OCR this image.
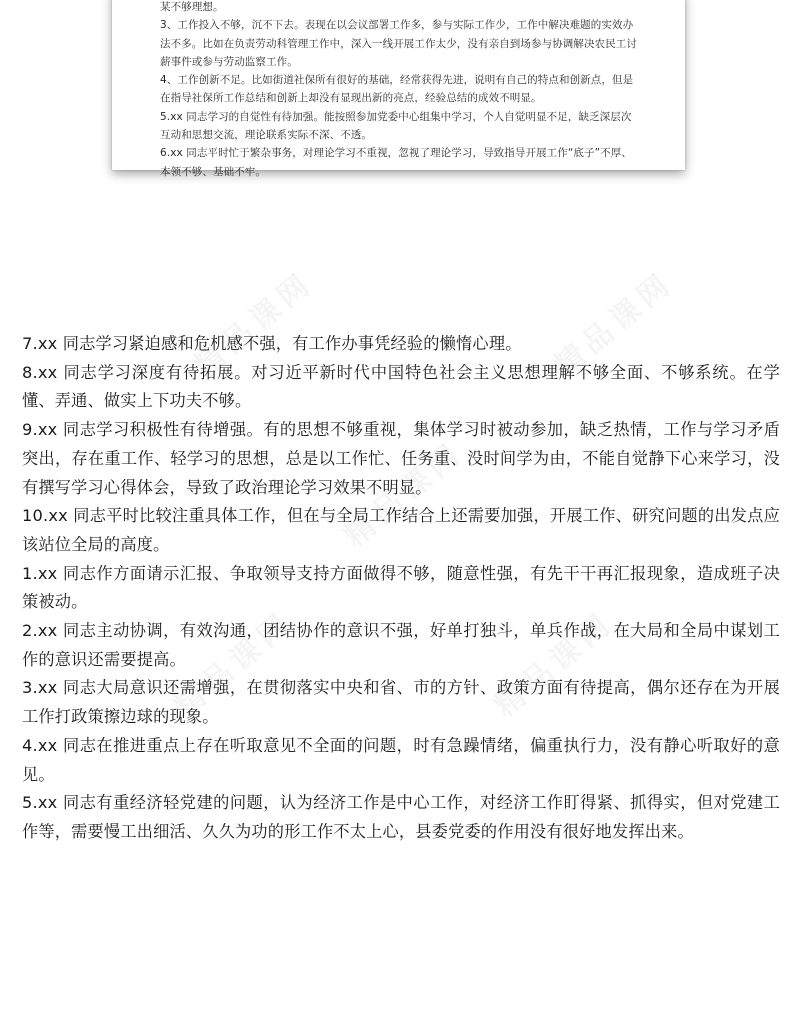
某不够理想。

3、工作投入不够，沉不下去。表现在以会议部署工作多，参与实际工作少，工作中解决难题的实效办法不多。比如在负责劳动科管理工作中，深入一线开展工作太少，没有亲自到场参与协调解决农民工讨薪事件或参与劳动监察工作。

4、工作创新不足。比如街道社保所有很好的基础，经常获得先进，说明有自己的特点和创新点，但是在指导社保所工作总结和创新上却没有显现出新的亮点，经验总结的成效不明显。

5.xx 同志学习的自觉性有待加强。能按照参加党委中心组集中学习，个人自觉明显不足，缺乏深层次互动和思想交流，理论联系实际不深、不透。

6.xx 同志平时忙于繁杂事务，对理论学习不重视，忽视了理论学习，导致指导开展工作“底子”不厚、本领不够、基础不牢。

7.xx 同志学习紧迫感和危机感不强，有工作办事凭经验的懒惰心理。

8.xx 同志学习深度有待拓展。对习近平新时代中国特色社会主义思想理解不够全面、不够系统。在学懂、弄通、做实上下功夫不够。

9.xx 同志学习积极性有待增强。有的思想不够重视，集体学习时被动参加，缺乏热情，工作与学习矛盾突出，存在重工作、轻学习的思想，总是以工作忙、任务重、没时间学为由，不能自觉静下心来学习，没有撰写学习心得体会，导致了政治理论学习效果不明显。

10.xx 同志平时比较注重具体工作，但在与全局工作结合上还需要加强，开展工作、研究问题的出发点应该站位全局的高度。

1.xx 同志作方面请示汇报、争取领导支持方面做得不够，随意性强，有先干干再汇报现象，造成班子决策被动。

2.xx 同志主动协调，有效沟通，团结协作的意识不强，好单打独斗，单兵作战，在大局和全局中谋划工作的意识还需要提高。

3.xx 同志大局意识还需增强，在贯彻落实中央和省、市的方针、政策方面有待提高，偶尔还存在为开展工作打政策擦边球的现象。

4.xx 同志在推进重点上存在听取意见不全面的问题，时有急躁情绪，偏重执行力，没有静心听取好的意见。

5.xx 同志有重经济轻党建的问题，认为经济工作是中心工作，对经济工作盯得紧、抓得实，但对党建工作等，需要慢工出细活、久久为功的形工作不太上心，县委党委的作用没有很好地发挥出来。
